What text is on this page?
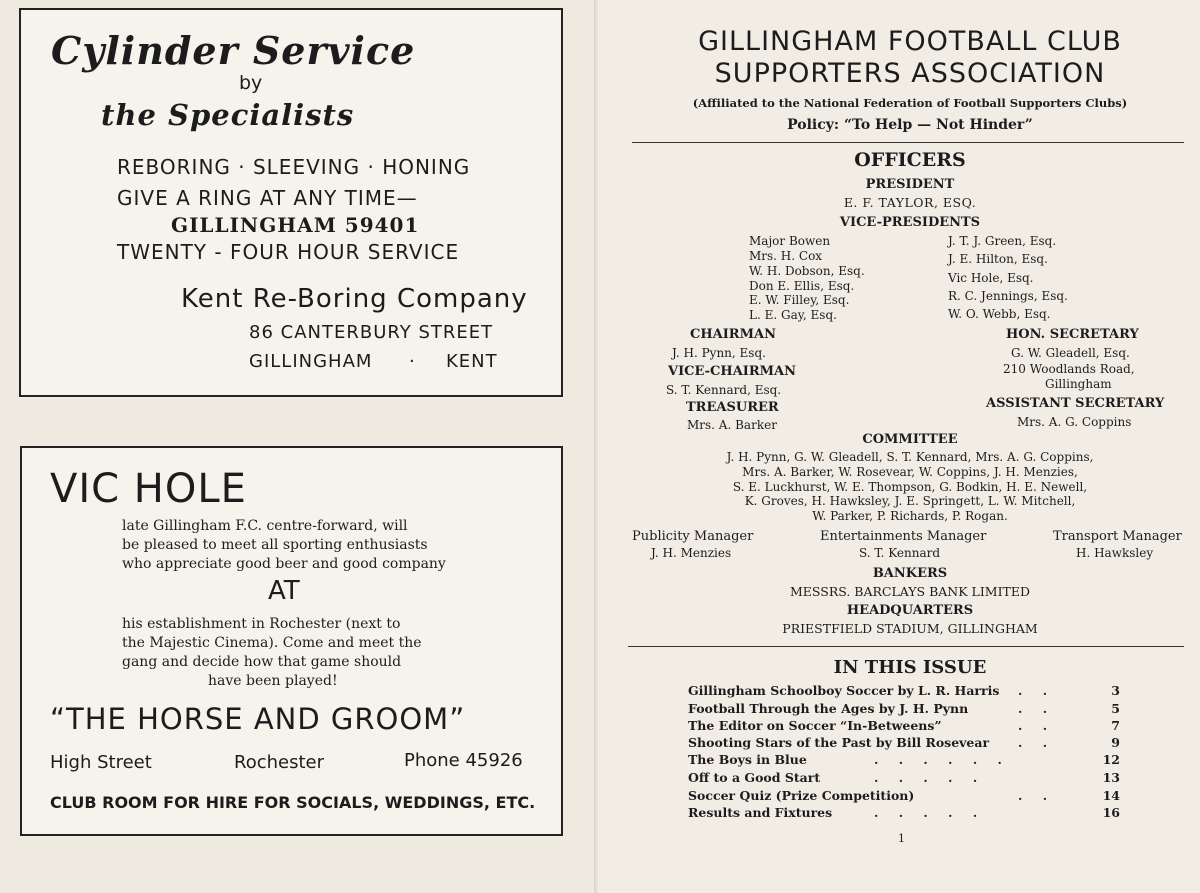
Cylinder Service
by
the Specialists
REBORING · SLEEVING · HONING
GIVE A RING AT ANY TIME—
GILLINGHAM 59401
TWENTY - FOUR HOUR SERVICE
Kent Re-Boring Company
86 CANTERBURY STREET
GILLINGHAM · KENT
VIC HOLE
late Gillingham F.C. centre-forward, will
be pleased to meet all sporting enthusiasts
who appreciate good beer and good company
AT
his establishment in Rochester (next to
the Majestic Cinema). Come and meet the
gang and decide how that game should
have been played!
“THE HORSE AND GROOM”
High Street	Rochester	Phone 45926
CLUB ROOM FOR HIRE FOR SOCIALS, WEDDINGS, ETC.
GILLINGHAM FOOTBALL CLUB
SUPPORTERS ASSOCIATION
(Affiliated to the National Federation of Football Supporters Clubs)
Policy: “To Help — Not Hinder”
OFFICERS
PRESIDENT
E. F. TAYLOR, ESQ.
VICE-PRESIDENTS
Major Bowen
Mrs. H. Cox
W. H. Dobson, Esq.
Don E. Ellis, Esq.
E. W. Filley, Esq.
L. E. Gay, Esq.
J. T. J. Green, Esq.
J. E. Hilton, Esq.
Vic Hole, Esq.
R. C. Jennings, Esq.
W. O. Webb, Esq.
CHAIRMAN
J. H. Pynn, Esq.
VICE-CHAIRMAN
S. T. Kennard, Esq.
TREASURER
Mrs. A. Barker
HON. SECRETARY
G. W. Gleadell, Esq.
210 Woodlands Road,
Gillingham
ASSISTANT SECRETARY
Mrs. A. G. Coppins
COMMITTEE
J. H. Pynn, G. W. Gleadell, S. T. Kennard, Mrs. A. G. Coppins,
Mrs. A. Barker, W. Rosevear, W. Coppins, J. H. Menzies,
S. E. Luckhurst, W. E. Thompson, G. Bodkin, H. E. Newell,
K. Groves, H. Hawksley, J. E. Springett, L. W. Mitchell,
W. Parker, P. Richards, P. Rogan.
Publicity Manager
J. H. Menzies
Entertainments Manager
S. T. Kennard
Transport Manager
H. Hawksley
BANKERS
MESSRS. BARCLAYS BANK LIMITED
HEADQUARTERS
PRIESTFIELD STADIUM, GILLINGHAM
IN THIS ISSUE
Gillingham Schoolboy Soccer by L. R. Harris . .	3
Football Through the Ages by J. H. Pynn	. .	5
The Editor on Soccer “In-Betweens”	. .	7
Shooting Stars of the Past by Bill Rosevear . .	9
The Boys in Blue	. . . . . .	12
Off to a Good Start	. . . . .	13
Soccer Quiz (Prize Competition)	. .	14
Results and Fixtures	. . . . .	16
1
